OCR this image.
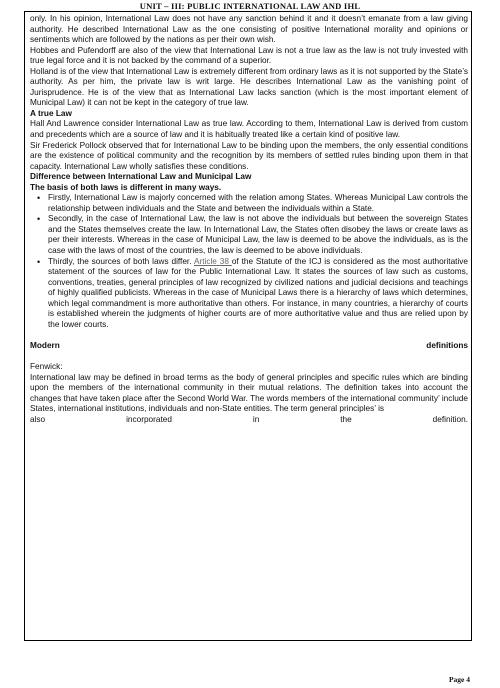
UNIT – III: PUBLIC INTERNATIONAL LAW AND IHL

only. In his opinion, International Law does not have any sanction behind it and it doesn’t emanate from a law giving authority. He described International Law as the one consisting of positive International morality and opinions or sentiments which are followed by the nations as per their own wish.

Hobbes and Pufendorff are also of the view that International Law is not a true law as the law is not truly invested with true legal force and it is not backed by the command of a superior.

Holland is of the view that International Law is extremely different from ordinary laws as it is not supported by the State’s authority. As per him, the private law is writ large. He describes International Law as the vanishing point of Jurisprudence. He is of the view that as International Law lacks sanction (which is the most important element of Municipal Law) it can not be kept in the category of true law.

A true Law

Hall And Lawrence consider International Law as true law. According to them, International Law is derived from custom and precedents which are a source of law and it is habitually treated like a certain kind of positive law.

Sir Frederick Pollock observed that for International Law to be binding upon the members, the only essential conditions are the existence of political community and the recognition by its members of settled rules binding upon them in that capacity. International Law wholly satisfies these conditions.

Difference between International Law and Municipal Law

The basis of both laws is different in many ways.

• Firstly, International Law is majorly concerned with the relation among States. Whereas Municipal Law controls the relationship between individuals and the State and between the individuals within a State.
• Secondly, in the case of International Law, the law is not above the individuals but between the sovereign States and the States themselves create the law. In International Law, the States often disobey the laws or create laws as per their interests. Whereas in the case of Municipal Law, the law is deemed to be above the individuals, as is the case with the laws of most of the countries, the law is deemed to be above individuals.
• Thirdly, the sources of both laws differ. Article 38 of the Statute of the ICJ is considered as the most authoritative statement of the sources of law for the Public International Law. It states the sources of law such as customs, conventions, treaties, general principles of law recognized by civilized nations and judicial decisions and teachings of highly qualified publicists. Whereas in the case of Municipal Laws there is a hierarchy of laws which determines, which legal commandment is more authoritative than others. For instance, in many countries, a hierarchy of courts is established wherein the judgments of higher courts are of more authoritative value and thus are relied upon by the lower courts.
Modern	definitions

Fenwick:

International law may be defined in broad terms as the body of general principles and specific rules which are binding upon the members of the international community in their mutual relations. The definition takes into account the changes that have taken place after the Second World War. The words members of the international community’ include States, international institutions, individuals and non-State entities. The term general principles’ is

also	incorporated	in	the	definition.
Page 4
